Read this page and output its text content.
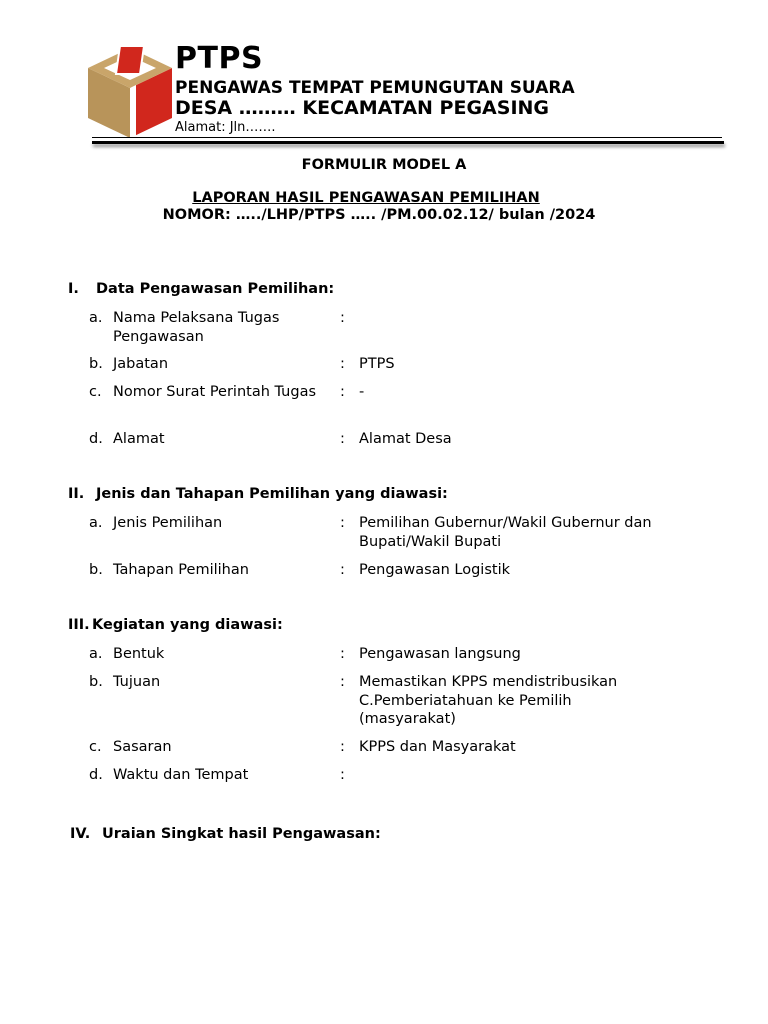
PTPS
PENGAWAS TEMPAT PEMUNGUTAN SUARA
DESA ……… KECAMATAN PEGASING
Alamat: Jln…….
FORMULIR MODEL A
LAPORAN HASIL PENGAWASAN PEMILIHAN
NOMOR: …../LHP/PTPS ….. /PM.00.02.12/ bulan /2024
I. Data Pengawasan Pemilihan:
a. Nama Pelaksana Tugas Pengawasan
:
b. Jabatan	: PTPS
c. Nomor Surat Perintah Tugas	: -
d. Alamat	: Alamat Desa
II. Jenis dan Tahapan Pemilihan yang diawasi:
a. Jenis Pemilihan	: Pemilihan Gubernur/Wakil Gubernur dan Bupati/Wakil Bupati
b. Tahapan Pemilihan	: Pengawasan Logistik
III. Kegiatan yang diawasi:
a. Bentuk	: Pengawasan langsung
b. Tujuan	: Memastikan KPPS mendistribusikan C.Pemberiatahuan ke Pemilih (masyarakat)
c. Sasaran	: KPPS dan Masyarakat
d. Waktu dan Tempat	:
IV. Uraian Singkat hasil Pengawasan:
